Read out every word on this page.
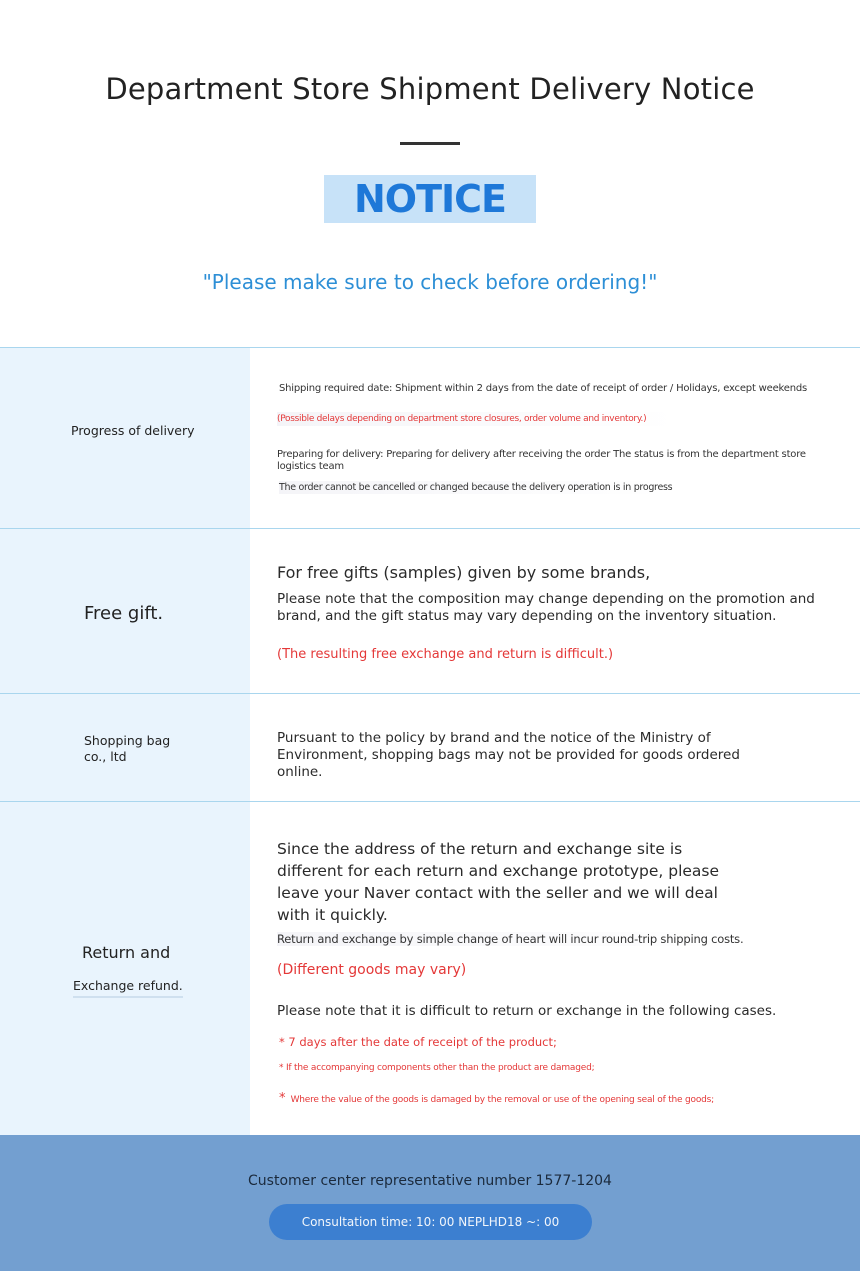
Department Store Shipment Delivery Notice
NOTICE
"Please make sure to check before ordering!"
Progress of delivery
Shipping required date: Shipment within 2 days from the date of receipt of order / Holidays, except weekends
(Possible delays depending on department store closures, order volume and inventory.)
Preparing for delivery: Preparing for delivery after receiving the order The status is from the department store logistics team
The order cannot be cancelled or changed because the delivery operation is in progress
Free gift.
For free gifts (samples) given by some brands,
Please note that the composition may change depending on the promotion and brand, and the gift status may vary depending on the inventory situation.
(The resulting free exchange and return is difficult.)
Shopping bag co., ltd
Pursuant to the policy by brand and the notice of the Ministry of Environment, shopping bags may not be provided for goods ordered online.
Return and
Exchange refund.
Since the address of the return and exchange site is different for each return and exchange prototype, please leave your Naver contact with the seller and we will deal with it quickly.
Return and exchange by simple change of heart will incur round-trip shipping costs.
(Different goods may vary)
Please note that it is difficult to return or exchange in the following cases.
* 7 days after the date of receipt of the product;
* If the accompanying components other than the product are damaged;
* Where the value of the goods is damaged by the removal or use of the opening seal of the goods;
Customer center representative number 1577-1204
Consultation time: 10: 00 NEPLHD18 ~: 00
